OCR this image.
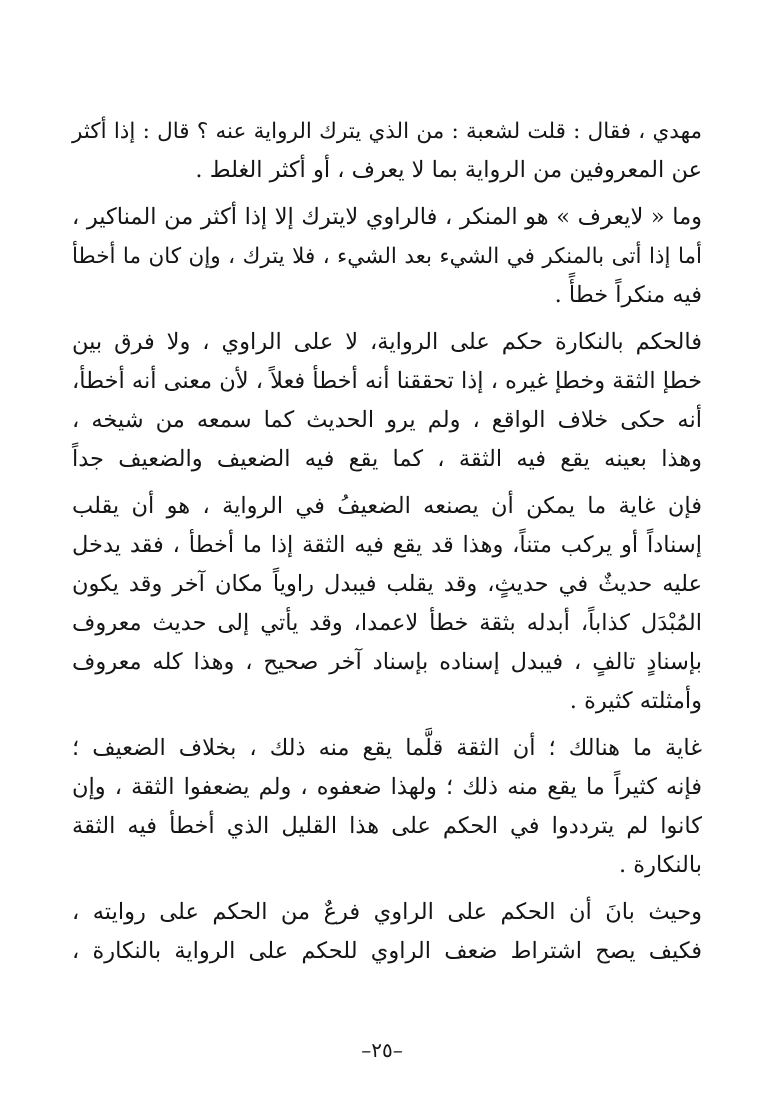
مهدي ، فقال : قلت لشعبة : من الذي يترك الرواية عنه ؟ قال : إذا أكثر
عن المعروفين من الرواية بما لا يعرف ، أو أكثر الغلط .

وما « لايعرف » هو المنكر ، فالراوي لايترك إلا إذا أكثر من المناكير ،
أما إذا أتى بالمنكر في الشيء بعد الشيء ، فلا يترك ، وإن كان ما أخطأ
فيه منكراً خطأً .

فالحكم بالنكارة حكم على الرواية، لا على الراوي ، ولا فرق بين
خطإ الثقة وخطإ غيره ، إذا تحققنا أنه أخطأ فعلاً ، لأن معنى أنه أخطأ،
أنه حكى خلاف الواقع ، ولم يرو الحديث كما سمعه من شيخه ،
وهذا بعينه يقع فيه الثقة ، كما يقع فيه الضعيف والضعيف جداً

فإن غاية ما يمكن أن يصنعه الضعيفُ في الرواية ، هو أن يقلب
إسناداً أو يركب متناً، وهذا قد يقع فيه الثقة إذا ما أخطأ ، فقد يدخل
عليه حديثٌ في حديثٍ، وقد يقلب فيبدل راوياً مكان آخر وقد يكون
المُبْدَل كذاباً، أبدله بثقة خطأ لاعمدا، وقد يأتي إلى حديث معروف
بإسنادٍ تالفٍ ، فيبدل إسناده بإسناد آخر صحيح ، وهذا كله معروف
وأمثلته كثيرة .

غاية ما هنالك ؛ أن الثقة قلَّما يقع منه ذلك ، بخلاف الضعيف ؛
فإنه كثيراً ما يقع منه ذلك ؛ ولهذا ضعفوه ، ولم يضعفوا الثقة ، وإن
كانوا لم يترددوا في الحكم على هذا القليل الذي أخطأ فيه الثقة
بالنكارة .

وحيث بانَ أن الحكم على الراوي فرعٌ من الحكم على روايته ،
فكيف يصح اشتراط ضعف الراوي للحكم على الرواية بالنكارة ،

–٢٥–
